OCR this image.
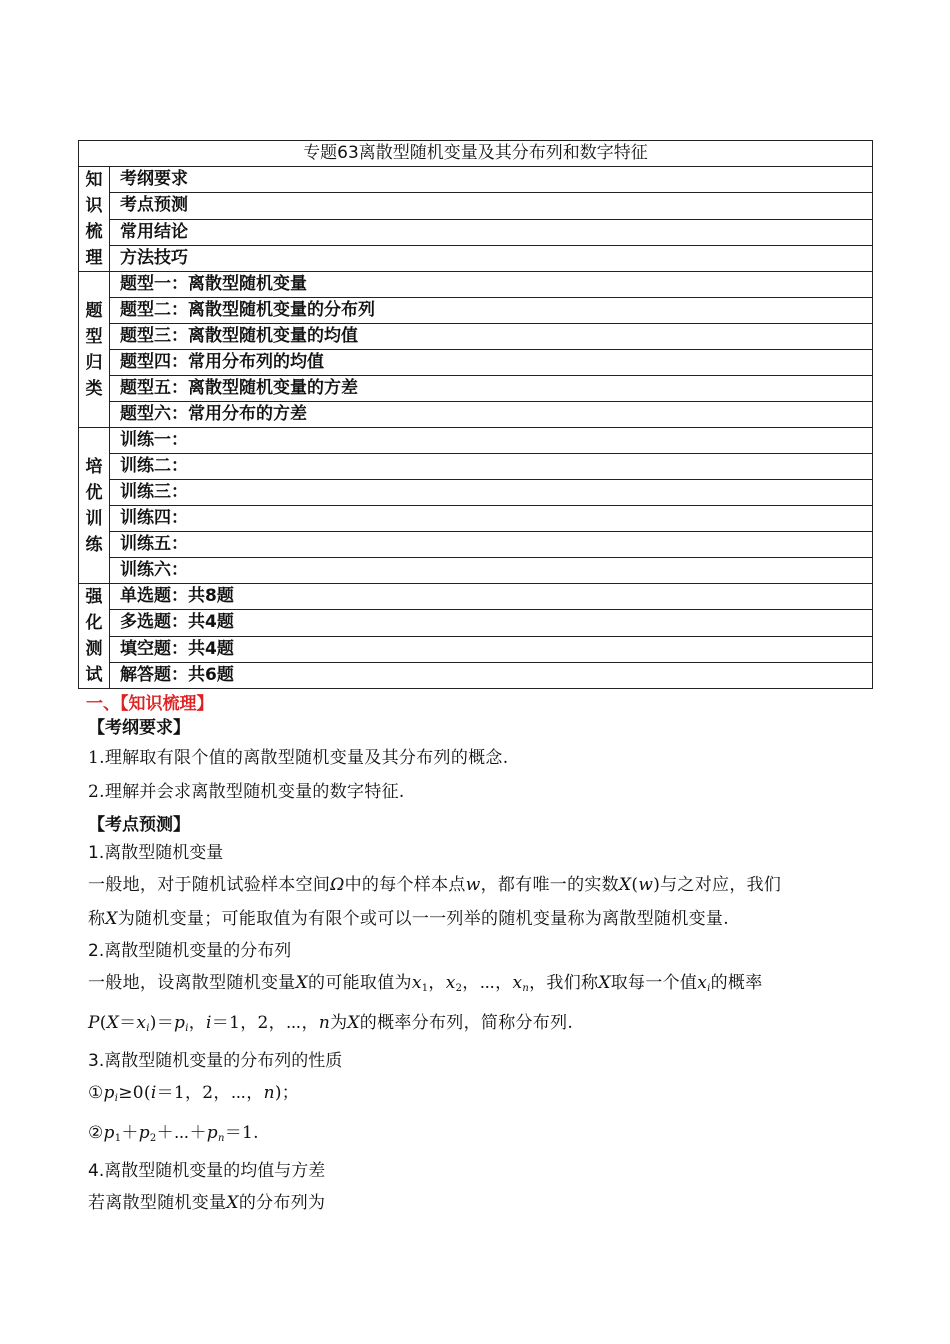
专题63离散型随机变量及其分布列和数字特征	

知
识
梳
理	考纲要求
	考点预测
	常用结论
	方法技巧

题
型
归
类	题型一：离散型随机变量
	题型二：离散型随机变量的分布列
	题型三：离散型随机变量的均值
	题型四：常用分布列的均值
	题型五：离散型随机变量的方差
	题型六：常用分布的方差

培
优
训
练	训练一：
	训练二：
	训练三：
	训练四：
	训练五：
	训练六：

强
化
测
试	单选题：共8题
	多选题：共4题
	填空题：共4题
	解答题：共6题
一、【知识梳理】
【考纲要求】
1.理解取有限个值的离散型随机变量及其分布列的概念.
2.理解并会求离散型随机变量的数字特征.
【考点预测】
1.离散型随机变量
一般地，对于随机试验样本空间Ω中的每个样本点w，都有唯一的实数X(w)与之对应，我们
称X为随机变量；可能取值为有限个或可以一一列举的随机变量称为离散型随机变量.
2.离散型随机变量的分布列
一般地，设离散型随机变量X的可能取值为$x_1$，$x_2$，⋯，$x_n$，我们称X取每一个值$x_i$的概率
$P(X=x_i)=p_i$，i＝1，2，⋯，n为X的概率分布列，简称分布列.
3.离散型随机变量的分布列的性质
$①p_i\ge 0(i=1$，2，⋯，n)；
$②p_1+p_2+\cdots+p_n=1$.
4.离散型随机变量的均值与方差
若离散型随机变量X的分布列为
